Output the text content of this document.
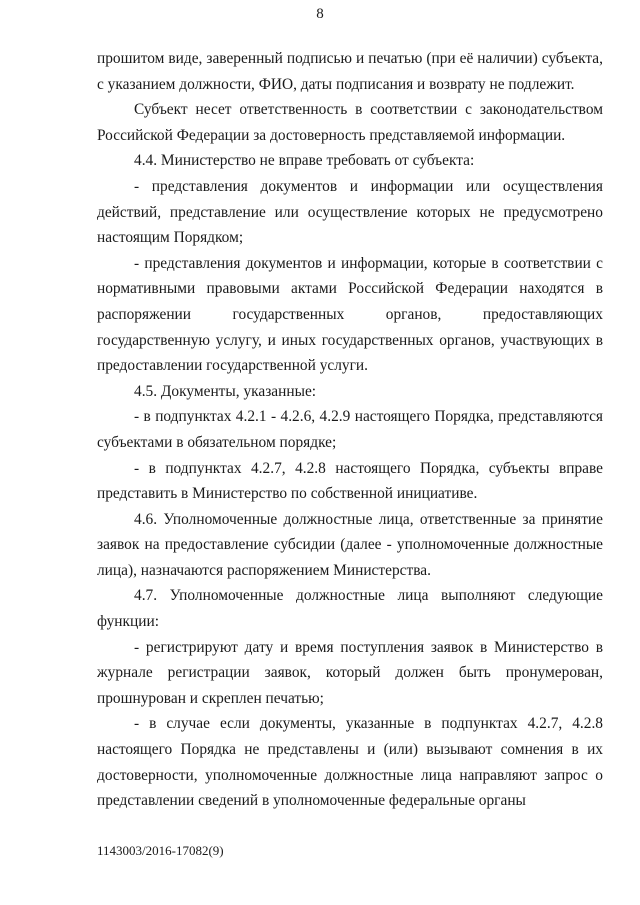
8

прошитом виде, заверенный подписью и печатью (при её наличии) субъекта, с указанием должности, ФИО, даты подписания и возврату не подлежит.

Субъект несет ответственность в соответствии с законодательством Российской Федерации за достоверность представляемой информации.

4.4. Министерство не вправе требовать от субъекта:

- представления документов и информации или осуществления действий, представление или осуществление которых не предусмотрено настоящим Порядком;

- представления документов и информации, которые в соответствии с нормативными правовыми актами Российской Федерации находятся в распоряжении государственных органов, предоставляющих государственную услугу, и иных государственных органов, участвующих в предоставлении государственной услуги.

4.5. Документы, указанные:

- в подпунктах 4.2.1 - 4.2.6, 4.2.9 настоящего Порядка, представляются субъектами в обязательном порядке;

- в подпунктах 4.2.7, 4.2.8 настоящего Порядка, субъекты вправе представить в Министерство по собственной инициативе.

4.6. Уполномоченные должностные лица, ответственные за принятие заявок на предоставление субсидии (далее - уполномоченные должностные лица), назначаются распоряжением Министерства.

4.7. Уполномоченные должностные лица выполняют следующие функции:

- регистрируют дату и время поступления заявок в Министерство в журнале регистрации заявок, который должен быть пронумерован, прошнурован и скреплен печатью;

- в случае если документы, указанные в подпунктах 4.2.7, 4.2.8 настоящего Порядка не представлены и (или) вызывают сомнения в их достоверности, уполномоченные должностные лица направляют запрос о представлении сведений в уполномоченные федеральные органы

1143003/2016-17082(9)
